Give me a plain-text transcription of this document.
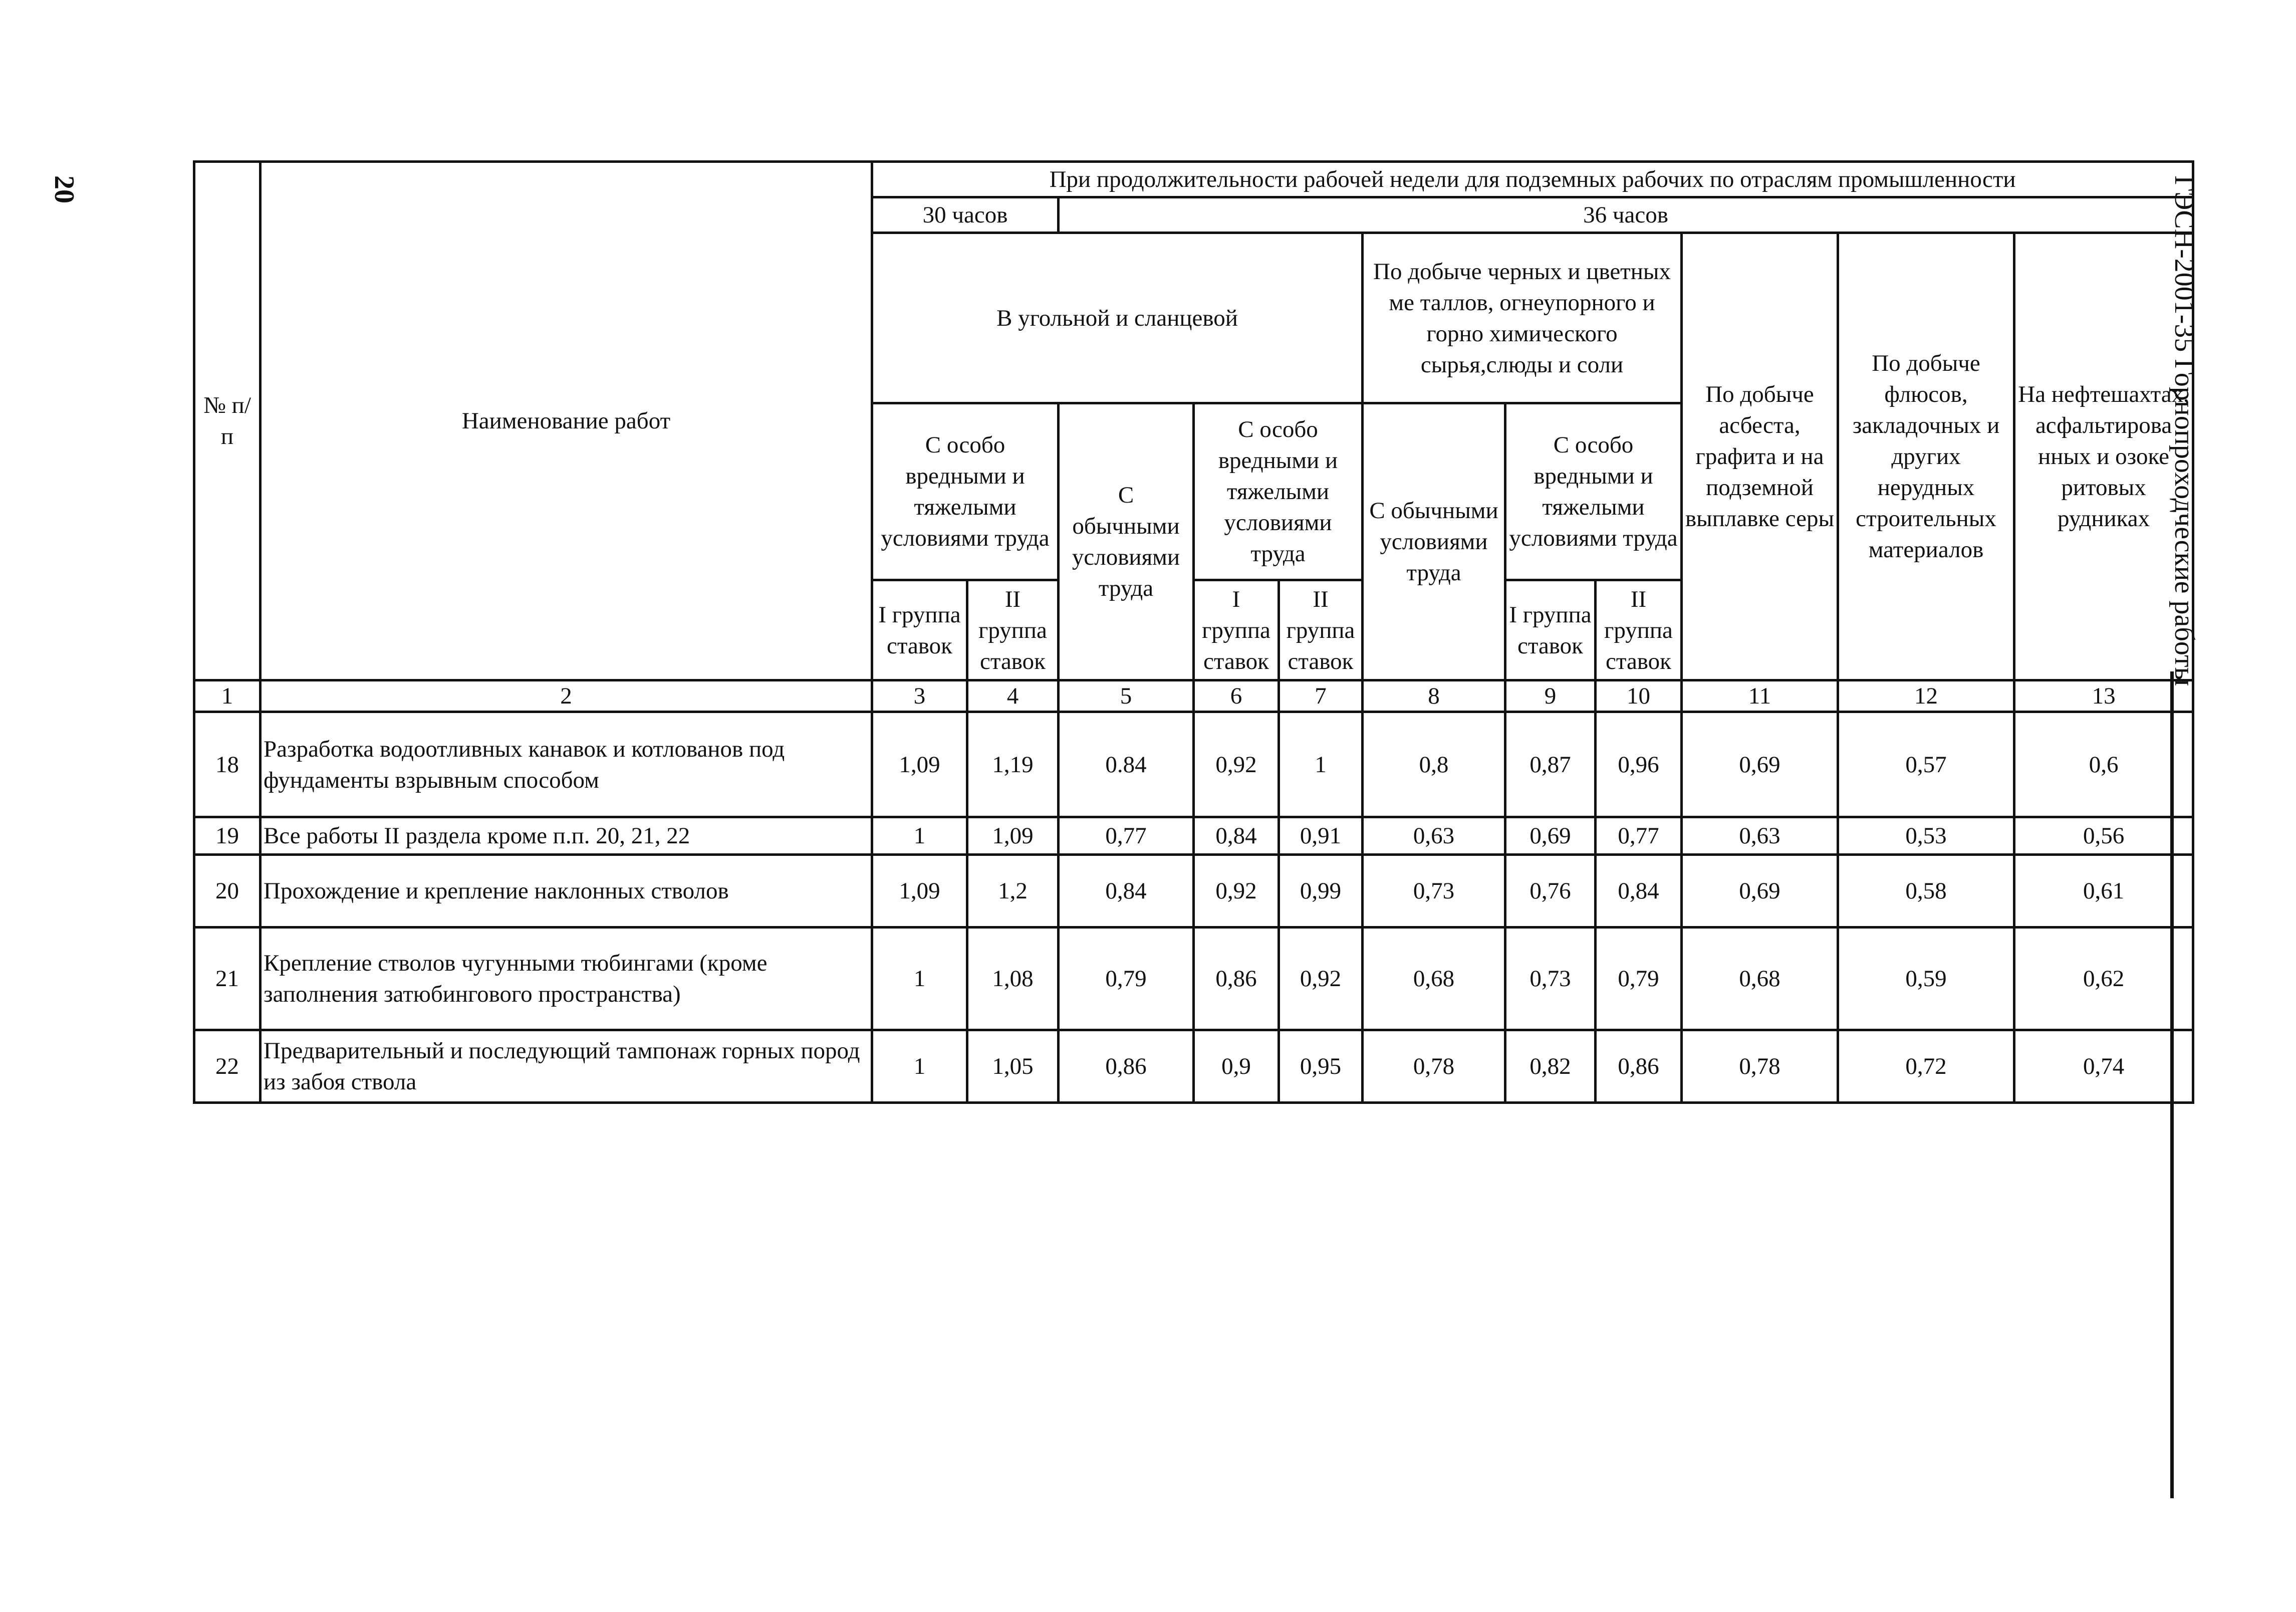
20	ГЭСН-2001-35 Горнопроходческие работы
№ п/п	Наименование работ	При продолжительности рабочей недели для подземных рабочих по отраслям промышленности										
		30 часов		36 часов								
		В угольной и сланцевой					По добыче черных и цветных ме таллов, огнеупорного и горно химического сырья,слюды и соли			По добыче асбеста, графита и на подземной выплавке серы	По добыче флюсов, закладочных и других нерудных строительных материалов	На нефтешахтах, асфальтирова нных и озоке ритовых рудниках
		С особо вредными и тяжелыми условиями труда		С обычными условиями труда	С особо вредными и тяжелыми условиями труда		С обычными условиями труда	С особо вредными и тяжелыми условиями труда				
		I группа ставок	II группа ставок		I группа ставок	II группа ставок		I группа ставок	II группа ставок			
1	2	3	4	5	6	7	8	9	10	11	12	13
18	Разработка водоотливных канавок и котлованов под фундаменты взрывным способом	1,09	1,19	0.84	0,92	1	0,8	0,87	0,96	0,69	0,57	0,6
19	Все работы II раздела кроме п.п. 20, 21, 22	1	1,09	0,77	0,84	0,91	0,63	0,69	0,77	0,63	0,53	0,56
20	Прохождение и крепление наклонных стволов	1,09	1,2	0,84	0,92	0,99	0,73	0,76	0,84	0,69	0,58	0,61
21	Крепление стволов чугунными тюбингами (кроме заполнения затюбингового пространства)	1	1,08	0,79	0,86	0,92	0,68	0,73	0,79	0,68	0,59	0,62
22	Предварительный и последующий тампонаж горных пород из забоя ствола	1	1,05	0,86	0,9	0,95	0,78	0,82	0,86	0,78	0,72	0,74
